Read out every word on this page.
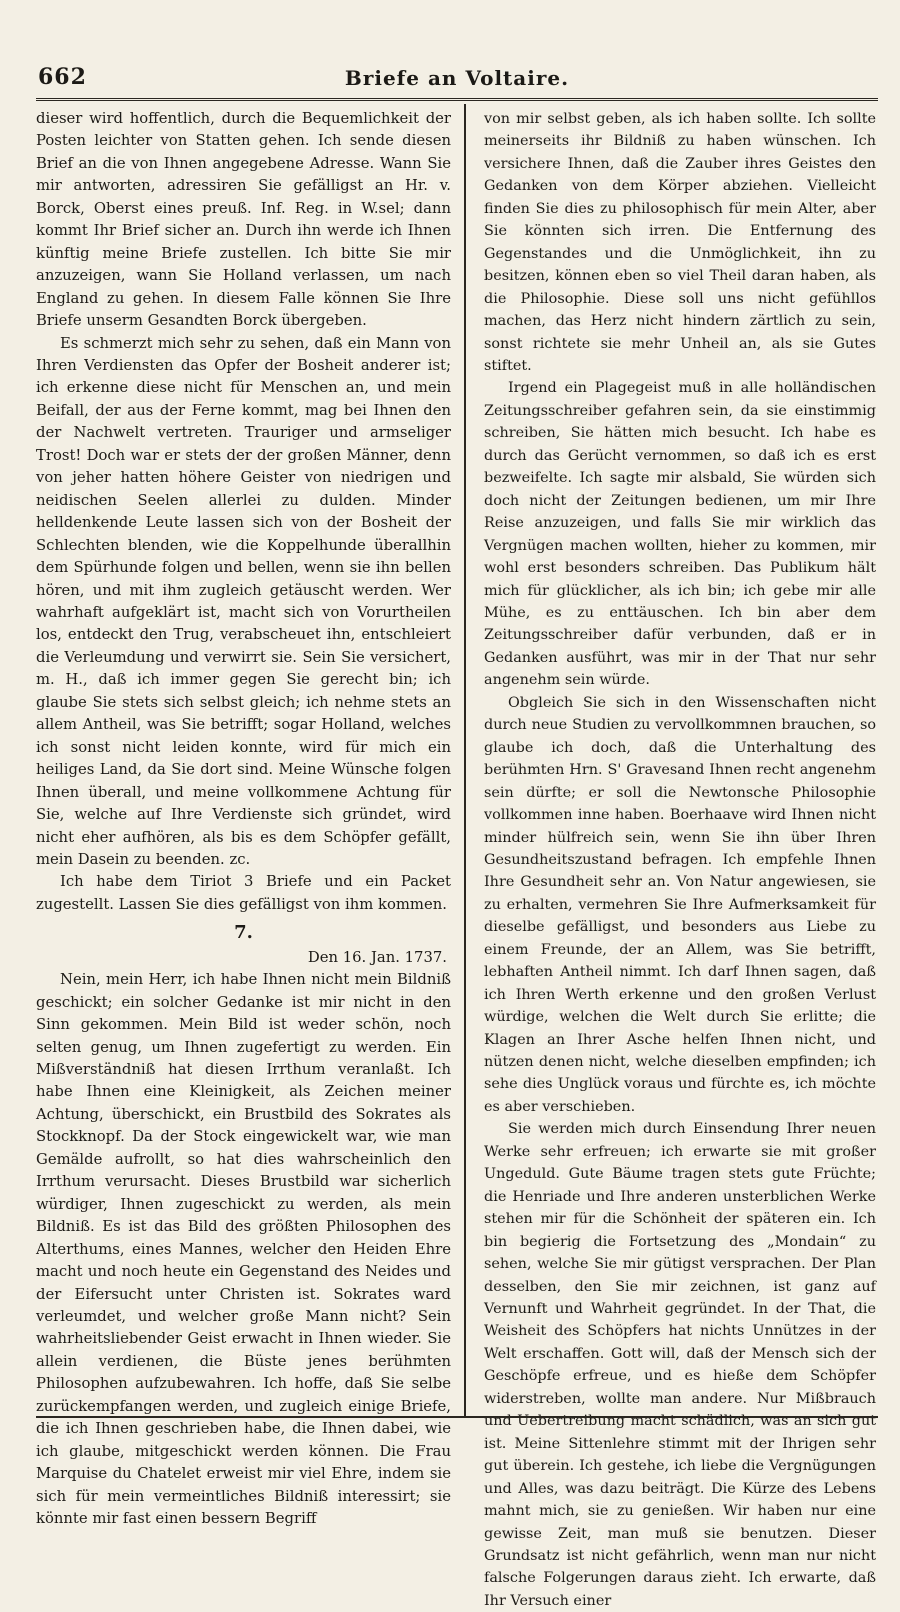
662	Briefe an Voltaire.

dieser wird hoffentlich, durch die Bequemlichkeit der Posten leichter von Statten gehen. Ich sende diesen Brief an die von Ihnen angegebene Adresse. Wann Sie mir antworten, adressiren Sie gefälligst an Hr. v. Borck, Oberst eines preuß. Inf. Reg. in W.sel; dann kommt Ihr Brief sicher an. Durch ihn werde ich Ihnen künftig meine Briefe zustellen. Ich bitte Sie mir anzuzeigen, wann Sie Holland verlassen, um nach England zu gehen. In diesem Falle können Sie Ihre Briefe unserm Gesandten Borck übergeben.

Es schmerzt mich sehr zu sehen, daß ein Mann von Ihren Verdiensten das Opfer der Bosheit anderer ist; ich erkenne diese nicht für Menschen an, und mein Beifall, der aus der Ferne kommt, mag bei Ihnen den der Nachwelt vertreten. Trauriger und armseliger Trost! Doch war er stets der der großen Männer, denn von jeher hatten höhere Geister von niedrigen und neidischen Seelen allerlei zu dulden. Minder helldenkende Leute lassen sich von der Bosheit der Schlechten blenden, wie die Koppelhunde überallhin dem Spürhunde folgen und bellen, wenn sie ihn bellen hören, und mit ihm zugleich getäuscht werden. Wer wahrhaft aufgeklärt ist, macht sich von Vorurtheilen los, entdeckt den Trug, verabscheuet ihn, entschleiert die Verleumdung und verwirrt sie. Sein Sie versichert, m. H., daß ich immer gegen Sie gerecht bin; ich glaube Sie stets sich selbst gleich; ich nehme stets an allem Antheil, was Sie betrifft; sogar Holland, welches ich sonst nicht leiden konnte, wird für mich ein heiliges Land, da Sie dort sind. Meine Wünsche folgen Ihnen überall, und meine vollkommene Achtung für Sie, welche auf Ihre Verdienste sich gründet, wird nicht eher aufhören, als bis es dem Schöpfer gefällt, mein Dasein zu beenden. zc.

Ich habe dem Tiriot 3 Briefe und ein Packet zugestellt. Lassen Sie dies gefälligst von ihm kommen.

7.
Den 16. Jan. 1737.

Nein, mein Herr, ich habe Ihnen nicht mein Bildniß geschickt; ein solcher Gedanke ist mir nicht in den Sinn gekommen. Mein Bild ist weder schön, noch selten genug, um Ihnen zugefertigt zu werden. Ein Mißverständniß hat diesen Irrthum veranlaßt. Ich habe Ihnen eine Kleinigkeit, als Zeichen meiner Achtung, überschickt, ein Brustbild des Sokrates als Stockknopf. Da der Stock eingewickelt war, wie man Gemälde aufrollt, so hat dies wahrscheinlich den Irrthum verursacht. Dieses Brustbild war sicherlich würdiger, Ihnen zugeschickt zu werden, als mein Bildniß. Es ist das Bild des größten Philosophen des Alterthums, eines Mannes, welcher den Heiden Ehre macht und noch heute ein Gegenstand des Neides und der Eifersucht unter Christen ist. Sokrates ward verleumdet, und welcher große Mann nicht? Sein wahrheitsliebender Geist erwacht in Ihnen wieder. Sie allein verdienen, die Büste jenes berühmten Philosophen aufzubewahren. Ich hoffe, daß Sie selbe zurückempfangen werden, und zugleich einige Briefe, die ich Ihnen geschrieben habe, die Ihnen dabei, wie ich glaube, mitgeschickt werden können. Die Frau Marquise du Chatelet erweist mir viel Ehre, indem sie sich für mein vermeintliches Bildniß interessirt; sie könnte mir fast einen bessern Begriff

von mir selbst geben, als ich haben sollte. Ich sollte meinerseits ihr Bildniß zu haben wünschen. Ich versichere Ihnen, daß die Zauber ihres Geistes den Gedanken von dem Körper abziehen. Vielleicht finden Sie dies zu philosophisch für mein Alter, aber Sie könnten sich irren. Die Entfernung des Gegenstandes und die Unmöglichkeit, ihn zu besitzen, können eben so viel Theil daran haben, als die Philosophie. Diese soll uns nicht gefühllos machen, das Herz nicht hindern zärtlich zu sein, sonst richtete sie mehr Unheil an, als sie Gutes stiftet.

Irgend ein Plagegeist muß in alle holländischen Zeitungsschreiber gefahren sein, da sie einstimmig schreiben, Sie hätten mich besucht. Ich habe es durch das Gerücht vernommen, so daß ich es erst bezweifelte. Ich sagte mir alsbald, Sie würden sich doch nicht der Zeitungen bedienen, um mir Ihre Reise anzuzeigen, und falls Sie mir wirklich das Vergnügen machen wollten, hieher zu kommen, mir wohl erst besonders schreiben. Das Publikum hält mich für glücklicher, als ich bin; ich gebe mir alle Mühe, es zu enttäuschen. Ich bin aber dem Zeitungsschreiber dafür verbunden, daß er in Gedanken ausführt, was mir in der That nur sehr angenehm sein würde.

Obgleich Sie sich in den Wissenschaften nicht durch neue Studien zu vervollkommnen brauchen, so glaube ich doch, daß die Unterhaltung des berühmten Hrn. S' Gravesand Ihnen recht angenehm sein dürfte; er soll die Newtonsche Philosophie vollkommen inne haben. Boerhaave wird Ihnen nicht minder hülfreich sein, wenn Sie ihn über Ihren Gesundheitszustand befragen. Ich empfehle Ihnen Ihre Gesundheit sehr an. Von Natur angewiesen, sie zu erhalten, vermehren Sie Ihre Aufmerksamkeit für dieselbe gefälligst, und besonders aus Liebe zu einem Freunde, der an Allem, was Sie betrifft, lebhaften Antheil nimmt. Ich darf Ihnen sagen, daß ich Ihren Werth erkenne und den großen Verlust würdige, welchen die Welt durch Sie erlitte; die Klagen an Ihrer Asche helfen Ihnen nicht, und nützen denen nicht, welche dieselben empfinden; ich sehe dies Unglück voraus und fürchte es, ich möchte es aber verschieben.

Sie werden mich durch Einsendung Ihrer neuen Werke sehr erfreuen; ich erwarte sie mit großer Ungeduld. Gute Bäume tragen stets gute Früchte; die Henriade und Ihre anderen unsterblichen Werke stehen mir für die Schönheit der späteren ein. Ich bin begierig die Fortsetzung des „Mondain“ zu sehen, welche Sie mir gütigst versprachen. Der Plan desselben, den Sie mir zeichnen, ist ganz auf Vernunft und Wahrheit gegründet. In der That, die Weisheit des Schöpfers hat nichts Unnützes in der Welt erschaffen. Gott will, daß der Mensch sich der Geschöpfe erfreue, und es hieße dem Schöpfer widerstreben, wollte man andere. Nur Mißbrauch und Uebertreibung macht schädlich, was an sich gut ist. Meine Sittenlehre stimmt mit der Ihrigen sehr gut überein. Ich gestehe, ich liebe die Vergnügungen und Alles, was dazu beiträgt. Die Kürze des Lebens mahnt mich, sie zu genießen. Wir haben nur eine gewisse Zeit, man muß sie benutzen. Dieser Grundsatz ist nicht gefährlich, wenn man nur nicht falsche Folgerungen daraus zieht. Ich erwarte, daß Ihr Versuch einer
